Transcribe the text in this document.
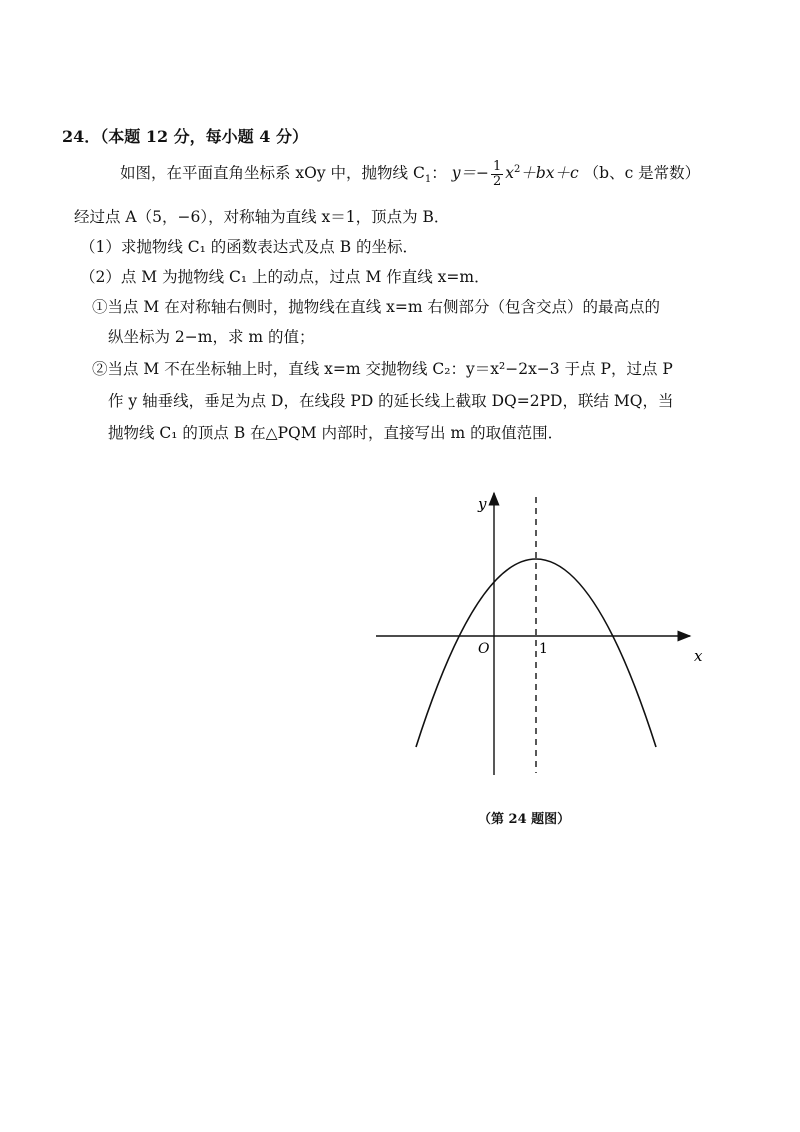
24．（本题 12 分，每小题 4 分）
如图，在平面直角坐标系 xOy 中，抛物线 $C_1$： $y=- \frac{1}{2} x^2+bx+c$ （b、c 是常数）
经过点 A（5，−6），对称轴为直线 x＝1，顶点为 B．
（1）求抛物线 C₁ 的函数表达式及点 B 的坐标．
（2）点 M 为抛物线 C₁ 上的动点，过点 M 作直线 x=m．
①当点 M 在对称轴右侧时，抛物线在直线 x=m 右侧部分（包含交点）的最高点的
纵坐标为 2−m，求 m 的值；
②当点 M 不在坐标轴上时，直线 x=m 交抛物线 C₂：y＝x²−2x−3 于点 P，过点 P
作 y 轴垂线，垂足为点 D，在线段 PD 的延长线上截取 DQ=2PD，联结 MQ，当
抛物线 C₁ 的顶点 B 在△PQM 内部时，直接写出 m 的取值范围．
y
x
O	1
（第 24 题图）
